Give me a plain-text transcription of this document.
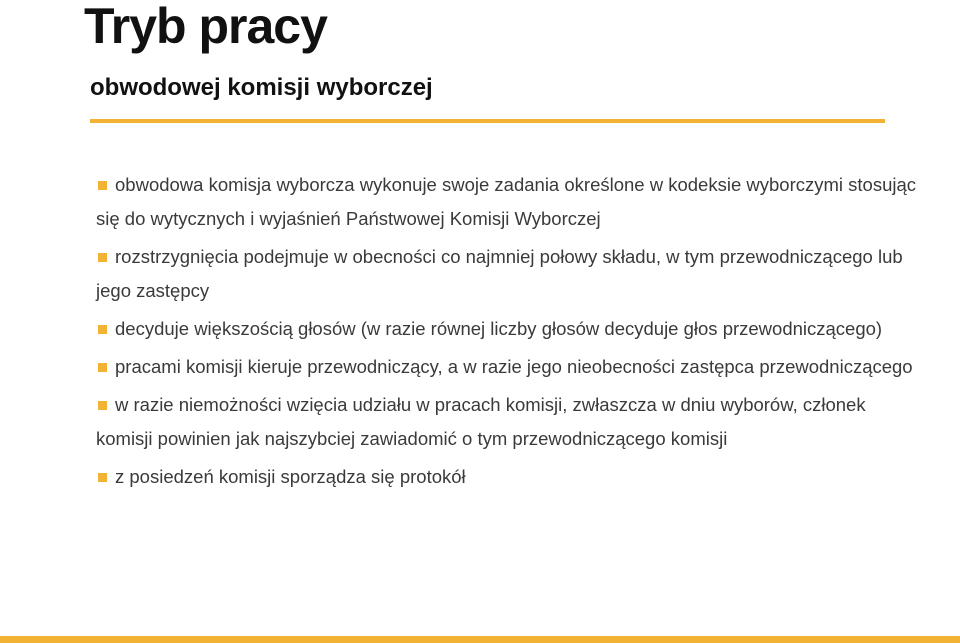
Tryb pracy
obwodowej komisji wyborczej
obwodowa komisja wyborcza wykonuje swoje zadania określone w kodeksie wyborczymi stosując się do wytycznych i wyjaśnień Państwowej Komisji Wyborczej
rozstrzygnięcia podejmuje w obecności co najmniej połowy składu, w tym przewodniczącego lub jego zastępcy
decyduje większością głosów (w razie równej liczby głosów decyduje głos przewodniczącego)
pracami komisji kieruje przewodniczący, a w razie jego nieobecności zastępca przewodniczącego
w razie niemożności wzięcia udziału w pracach komisji, zwłaszcza w dniu wyborów, członek komisji powinien jak najszybciej zawiadomić o tym przewodniczącego komisji
z posiedzeń komisji sporządza się protokół
